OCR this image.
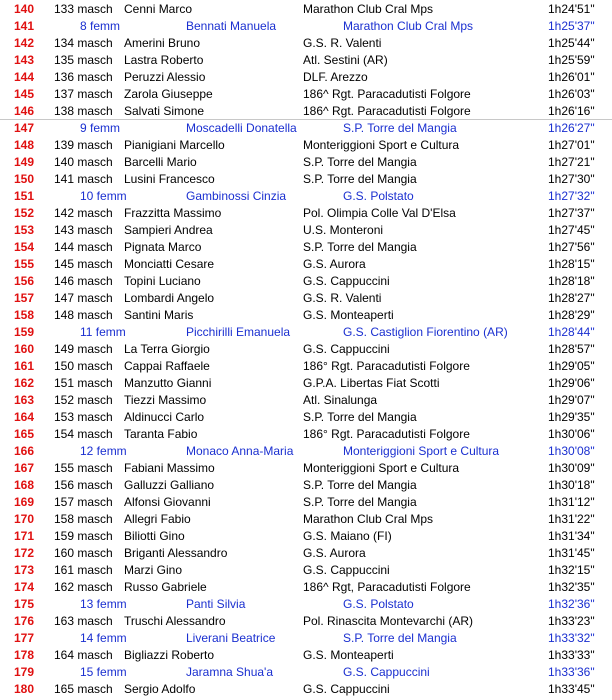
140 133 masch Cenni Marco	Marathon Club Cral Mps	1h24'51"
141	8 femm	Bennati Manuela	Marathon Club Cral Mps	1h25'37"
142 134 masch Amerini Bruno	G.S. R. Valenti	1h25'44"
143 135 masch Lastra Roberto	Atl. Sestini (AR)	1h25'59"
144 136 masch Peruzzi Alessio	DLF. Arezzo	1h26'01"
145 137 masch Zarola Giuseppe	186^ Rgt. Paracadutisti Folgore	1h26'03"
146 138 masch Salvati Simone	186^ Rgt. Paracadutisti Folgore	1h26'16"
147	9 femm	Moscadelli Donatella	S.P. Torre del Mangia	1h26'27"
148 139 masch Pianigiani Marcello	Monteriggioni Sport e Cultura	1h27'01"
149 140 masch Barcelli Mario	S.P. Torre del Mangia	1h27'21"
150 141 masch Lusini Francesco	S.P. Torre del Mangia	1h27'30"
151	10 femm	Gambinossi Cinzia	G.S. Polstato	1h27'32"
152 142 masch Frazzitta Massimo	Pol. Olimpia Colle Val D'Elsa	1h27'37"
153 143 masch Sampieri Andrea	U.S. Monteroni	1h27'45"
154 144 masch Pignata Marco	S.P. Torre del Mangia	1h27'56"
155 145 masch Monciatti Cesare	G.S. Aurora	1h28'15"
156 146 masch Topini Luciano	G.S. Cappuccini	1h28'18"
157 147 masch Lombardi Angelo	G.S. R. Valenti	1h28'27"
158 148 masch Santini Maris	G.S. Monteaperti	1h28'29"
159	11 femm	Picchirilli Emanuela	G.S. Castiglion Fiorentino (AR)	1h28'44"
160 149 masch La Terra Giorgio	G.S. Cappuccini	1h28'57"
161 150 masch Cappai Raffaele	186° Rgt. Paracadutisti Folgore	1h29'05"
162 151 masch Manzutto Gianni	G.P.A. Libertas Fiat Scotti	1h29'06"
163 152 masch Tiezzi Massimo	Atl. Sinalunga	1h29'07"
164 153 masch Aldinucci Carlo	S.P. Torre del Mangia	1h29'35"
165 154 masch Taranta Fabio	186° Rgt. Paracadutisti Folgore	1h30'06"
166	12 femm	Monaco Anna-Maria	Monteriggioni Sport e Cultura	1h30'08"
167 155 masch Fabiani Massimo	Monteriggioni Sport e Cultura	1h30'09"
168 156 masch Galluzzi Galliano	S.P. Torre del Mangia	1h30'18"
169 157 masch Alfonsi Giovanni	S.P. Torre del Mangia	1h31'12"
170 158 masch Allegri Fabio	Marathon Club Cral Mps	1h31'22"
171 159 masch Biliotti Gino	G.S. Maiano (FI)	1h31'34"
172 160 masch Briganti Alessandro	G.S. Aurora	1h31'45"
173 161 masch Marzi Gino	G.S. Cappuccini	1h32'15"
174 162 masch Russo Gabriele	186^ Rgt, Paracadutisti Folgore	1h32'35"
175	13 femm	Panti Silvia	G.S. Polstato	1h32'36"
176 163 masch Truschi Alessandro	Pol. Rinascita Montevarchi (AR)	1h33'23"
177	14 femm	Liverani Beatrice	S.P. Torre del Mangia	1h33'32"
178 164 masch Bigliazzi Roberto	G.S. Monteaperti	1h33'33"
179	15 femm	Jaramna Shua'a	G.S. Cappuccini	1h33'36"
180 165 masch Sergio Adolfo	G.S. Cappuccini	1h33'45"
